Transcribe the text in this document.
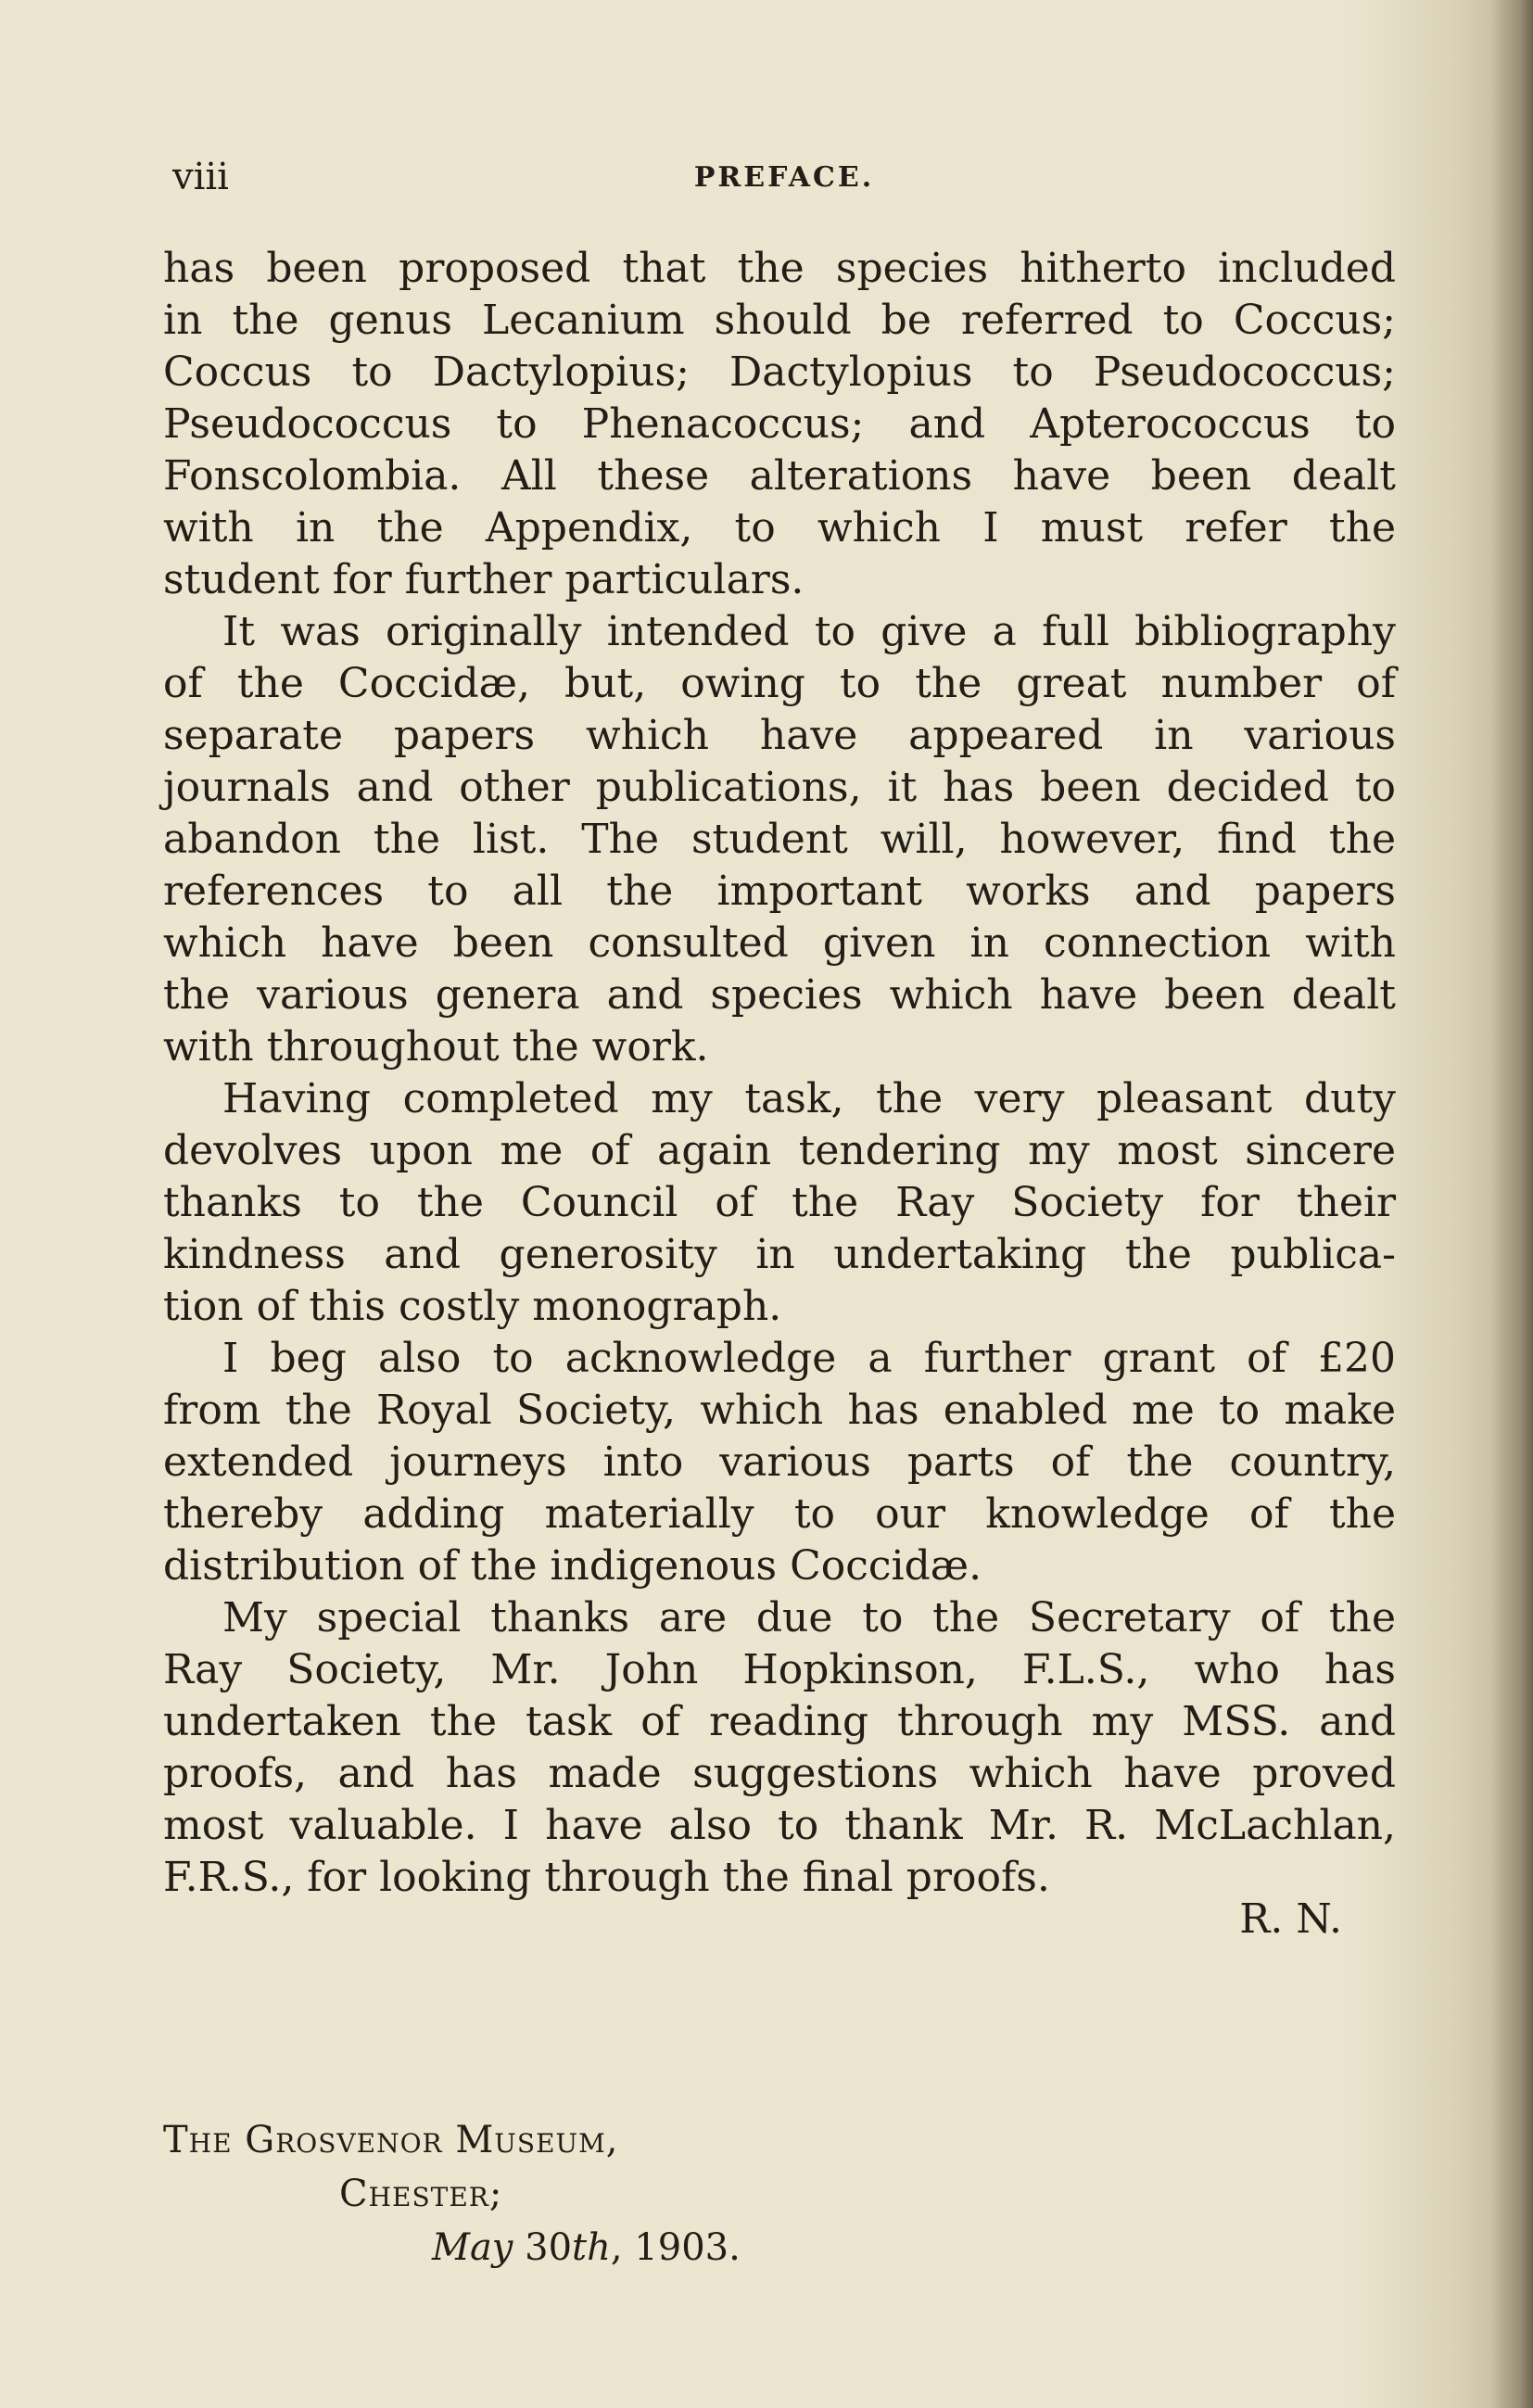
viii	PREFACE.
has been proposed that the species hitherto included
in the genus Lecanium should be referred to Coccus;
Coccus to Dactylopius; Dactylopius to Pseudococcus;
Pseudococcus to Phenacoccus; and Apterococcus to
Fonscolombia. All these alterations have been dealt
with in the Appendix, to which I must refer the
student for further particulars.
It was originally intended to give a full bibliography
of the Coccidæ, but, owing to the great number of
separate papers which have appeared in various
journals and other publications, it has been decided to
abandon the list. The student will, however, find the
references to all the important works and papers
which have been consulted given in connection with
the various genera and species which have been dealt
with throughout the work.
Having completed my task, the very pleasant duty
devolves upon me of again tendering my most sincere
thanks to the Council of the Ray Society for their
kindness and generosity in undertaking the publica-
tion of this costly monograph.
I beg also to acknowledge a further grant of £20
from the Royal Society, which has enabled me to make
extended journeys into various parts of the country,
thereby adding materially to our knowledge of the
distribution of the indigenous Coccidæ.
My special thanks are due to the Secretary of the
Ray Society, Mr. John Hopkinson, F.L.S., who has
undertaken the task of reading through my MSS. and
proofs, and has made suggestions which have proved
most valuable. I have also to thank Mr. R. McLachlan,
F.R.S., for looking through the final proofs.
R. N.
The Grosvenor Museum,
Chester;
May 30th, 1903.
